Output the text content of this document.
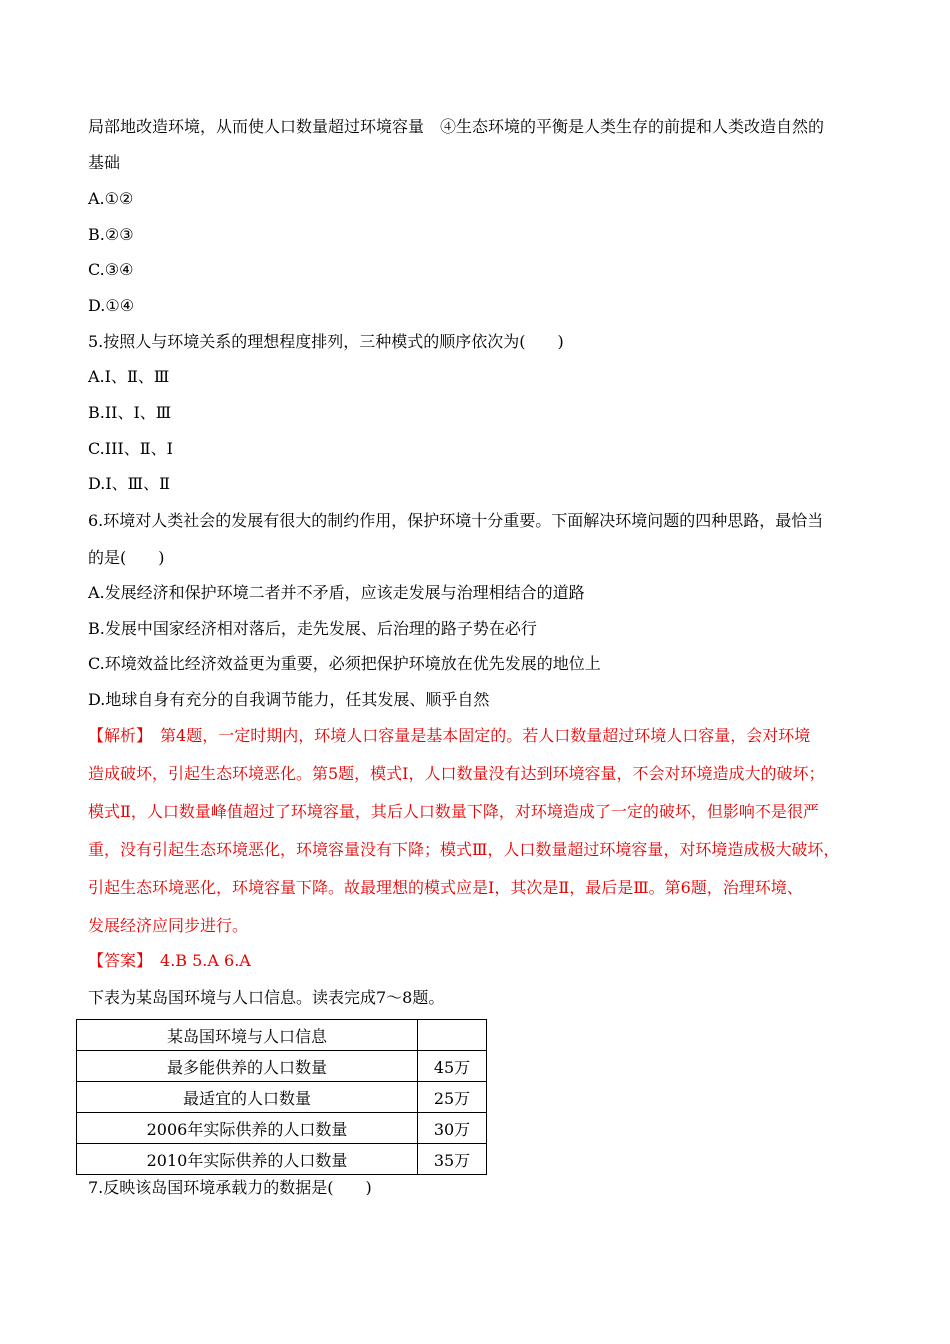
局部地改造环境，从而使人口数量超过环境容量　④生态环境的平衡是人类生存的前提和人类改造自然的
基础
A.①②
B.②③
C.③④
D.①④
5.按照人与环境关系的理想程度排列，三种模式的顺序依次为(　　)
A.I、Ⅱ、Ⅲ
B.II、Ⅰ、Ⅲ
C.III、Ⅱ、Ⅰ
D.I、Ⅲ、Ⅱ
6.环境对人类社会的发展有很大的制约作用，保护环境十分重要。下面解决环境问题的四种思路，最恰当
的是(　　)
A.发展经济和保护环境二者并不矛盾，应该走发展与治理相结合的道路
B.发展中国家经济相对落后，走先发展、后治理的路子势在必行
C.环境效益比经济效益更为重要，必须把保护环境放在优先发展的地位上
D.地球自身有充分的自我调节能力，任其发展、顺乎自然
【解析】　第4题，一定时期内，环境人口容量是基本固定的。若人口数量超过环境人口容量，会对环境
造成破坏，引起生态环境恶化。第5题，模式Ⅰ，人口数量没有达到环境容量，不会对环境造成大的破坏；
模式Ⅱ，人口数量峰值超过了环境容量，其后人口数量下降，对环境造成了一定的破坏，但影响不是很严
重，没有引起生态环境恶化，环境容量没有下降；模式Ⅲ，人口数量超过环境容量，对环境造成极大破坏，
引起生态环境恶化，环境容量下降。故最理想的模式应是Ⅰ，其次是Ⅱ，最后是Ⅲ。第6题，治理环境、
发展经济应同步进行。
【答案】　4.B 5.A 6.A
下表为某岛国环境与人口信息。读表完成7～8题。
某岛国环境与人口信息	
最多能供养的人口数量	45万
最适宜的人口数量	25万
2006年实际供养的人口数量	30万
2010年实际供养的人口数量	35万
7.反映该岛国环境承载力的数据是(　　)
